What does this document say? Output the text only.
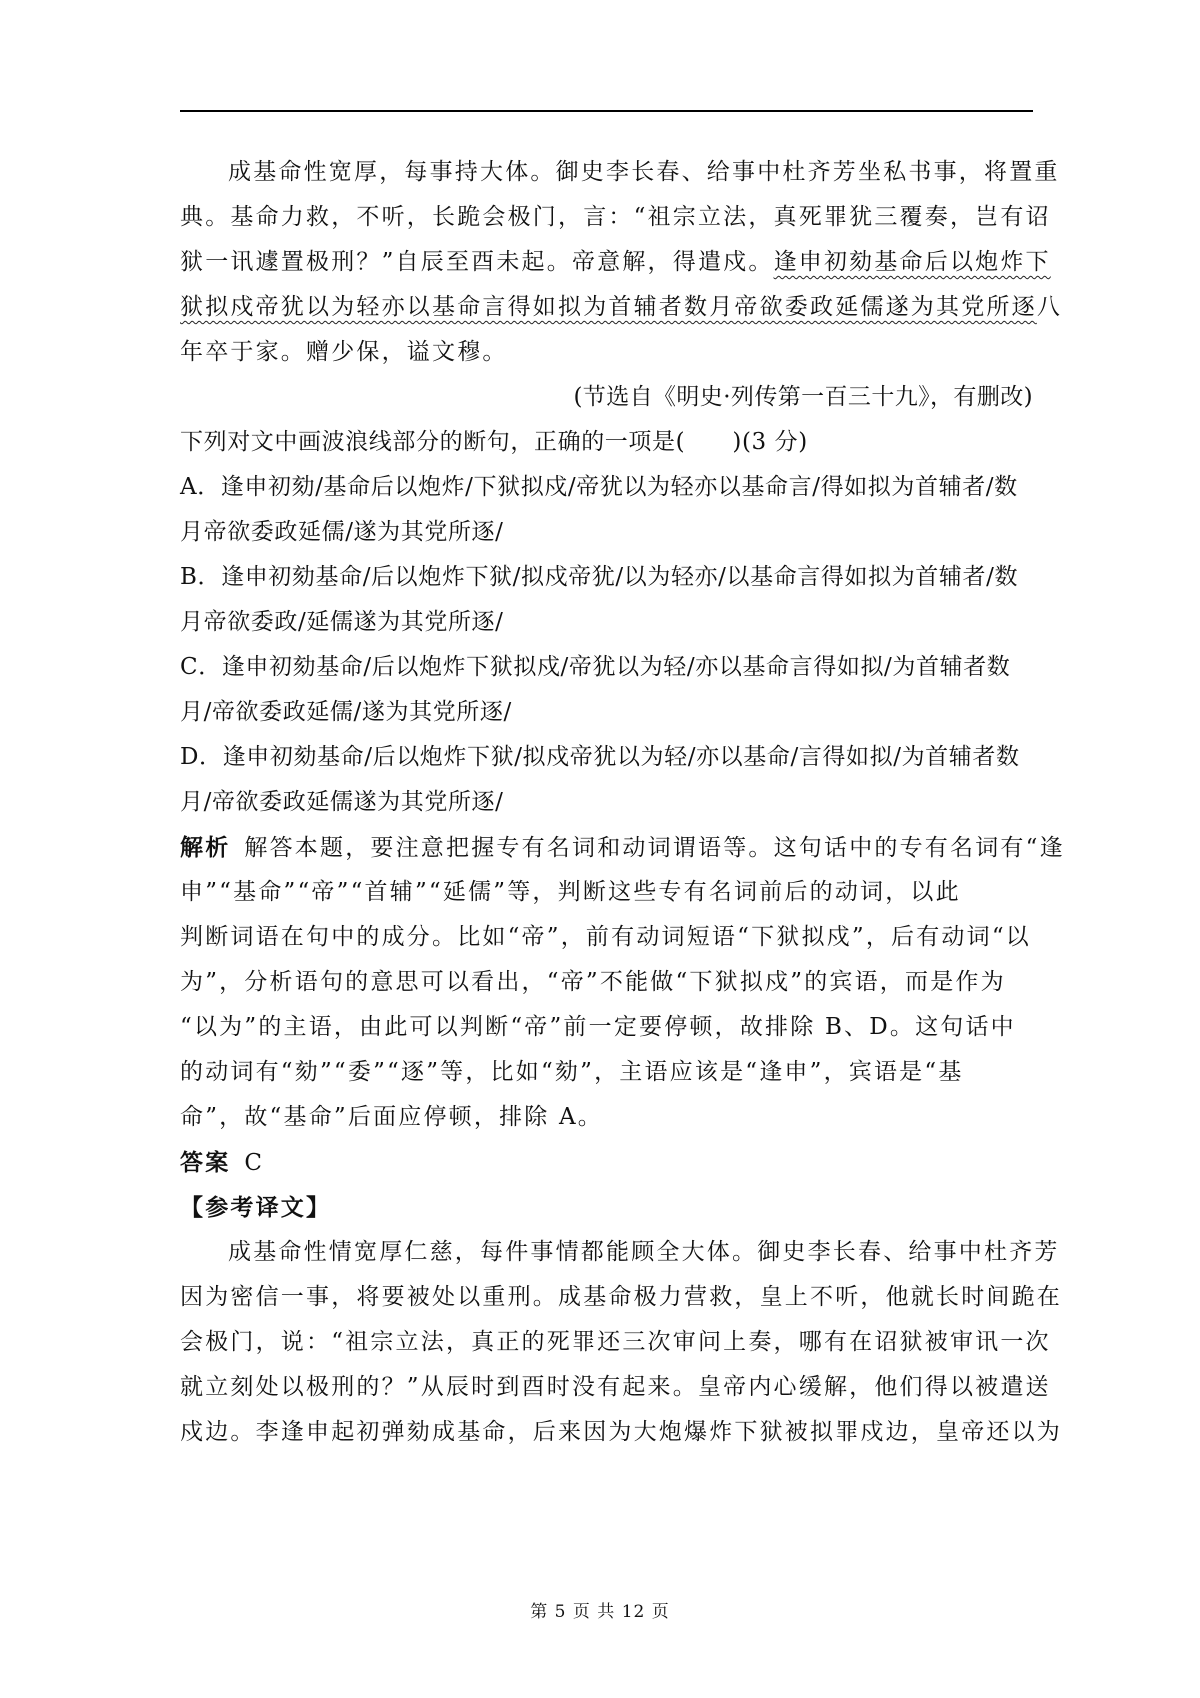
成基命性宽厚，每事持大体。御史李长春、给事中杜齐芳坐私书事，将置重
典。基命力救，不听，长跪会极门，言：“祖宗立法，真死罪犹三覆奏，岂有诏
狱一讯遽置极刑？”自辰至酉未起。帝意解，得遣戍。逢申初劾基命后以炮炸下
狱拟戍帝犹以为轻亦以基命言得如拟为首辅者数月帝欲委政延儒遂为其党所逐八
年卒于家。赠少保，谥文穆。
(节选自《明史·列传第一百三十九》，有删改)
下列对文中画波浪线部分的断句，正确的一项是(　　)(3 分)
A．逢申初劾/基命后以炮炸/下狱拟戍/帝犹以为轻亦以基命言/得如拟为首辅者/数
月帝欲委政延儒/遂为其党所逐/
B．逢申初劾基命/后以炮炸下狱/拟戍帝犹/以为轻亦/以基命言得如拟为首辅者/数
月帝欲委政/延儒遂为其党所逐/
C．逢申初劾基命/后以炮炸下狱拟戍/帝犹以为轻/亦以基命言得如拟/为首辅者数
月/帝欲委政延儒/遂为其党所逐/
D．逢申初劾基命/后以炮炸下狱/拟戍帝犹以为轻/亦以基命/言得如拟/为首辅者数
月/帝欲委政延儒遂为其党所逐/
解析 解答本题，要注意把握专有名词和动词谓语等。这句话中的专有名词有“逢
申”“基命”“帝”“首辅”“延儒”等，判断这些专有名词前后的动词，以此
判断词语在句中的成分。比如“帝”，前有动词短语“下狱拟戍”，后有动词“以
为”，分析语句的意思可以看出，“帝”不能做“下狱拟戍”的宾语，而是作为
“以为”的主语，由此可以判断“帝”前一定要停顿，故排除 B、D。这句话中
的动词有“劾”“委”“逐”等，比如“劾”，主语应该是“逢申”，宾语是“基
命”，故“基命”后面应停顿，排除 A。
答案 C
【参考译文】
成基命性情宽厚仁慈，每件事情都能顾全大体。御史李长春、给事中杜齐芳
因为密信一事，将要被处以重刑。成基命极力营救，皇上不听，他就长时间跪在
会极门，说：“祖宗立法，真正的死罪还三次审问上奏，哪有在诏狱被审讯一次
就立刻处以极刑的？”从辰时到酉时没有起来。皇帝内心缓解，他们得以被遣送
戍边。李逢申起初弹劾成基命，后来因为大炮爆炸下狱被拟罪戍边，皇帝还以为
第 5 页 共 12 页
